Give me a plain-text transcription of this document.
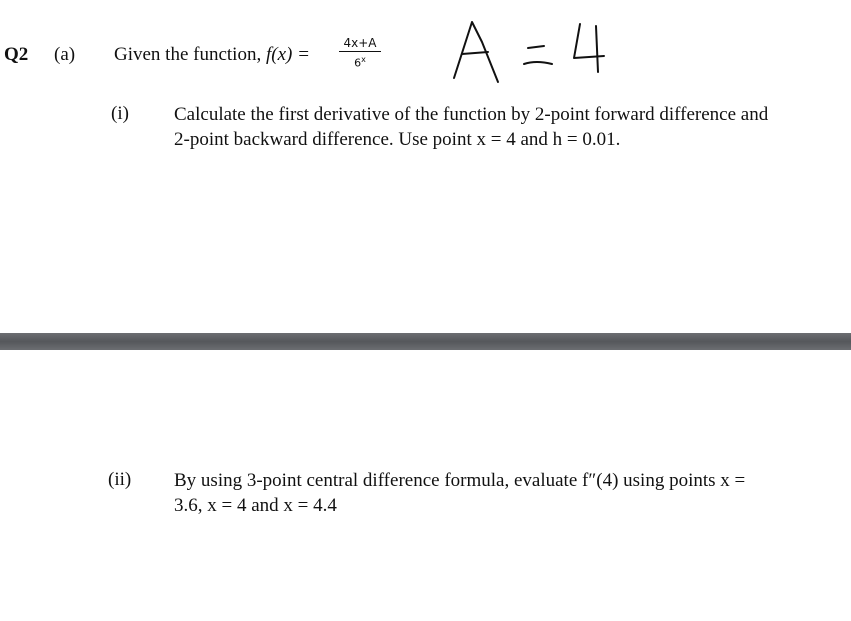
Q2 (a) Given the function, f(x) =
4x+A
6$^x$
(i) Calculate the first derivative of the function by 2-point forward difference and
2-point backward difference. Use point x = 4 and h = 0.01.
(ii) By using 3-point central difference formula, evaluate f″(4) using points x =
3.6, x = 4 and x = 4.4
